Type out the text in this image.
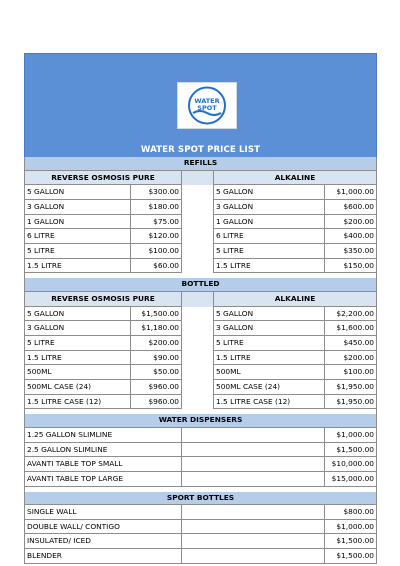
WATER
SPOT
WATER SPOT PRICE LIST
REFILLS
REVERSE OSMOSIS PURE	ALKALINE
5 GALLON	$300.00	5 GALLON	$1,000.00
3 GALLON	$180.00	3 GALLON	$600.00
1 GALLON	$75.00	1 GALLON	$200.00
6 LITRE	$120.00	6 LITRE	$400.00
5 LITRE	$100.00	5 LITRE	$350.00
1.5 LITRE	$60.00	1.5 LITRE	$150.00
BOTTLED
REVERSE OSMOSIS PURE	ALKALINE
5 GALLON	$1,500.00	5 GALLON	$2,200.00
3 GALLON	$1,180.00	3 GALLON	$1,600.00
5 LITRE	$200.00	5 LITRE	$450.00
1.5 LITRE	$90.00	1.5 LITRE	$200.00
500ML	$50.00	500ML	$100.00
500ML CASE (24)	$960.00	500ML CASE (24)	$1,950.00
1.5 LITRE CASE (12)	$960.00	1.5 LITRE CASE (12)	$1,950.00
WATER DISPENSERS
1.25 GALLON SLIMLINE	$1,000.00
2.5 GALLON SLIMLINE	$1,500.00
AVANTI TABLE TOP SMALL	$10,000.00
AVANTI TABLE TOP LARGE	$15,000.00
SPORT BOTTLES
SINGLE WALL	$800.00
DOUBLE WALL/ CONTIGO	$1,000.00
INSULATED/ ICED	$1,500.00
BLENDER	$1,500.00
